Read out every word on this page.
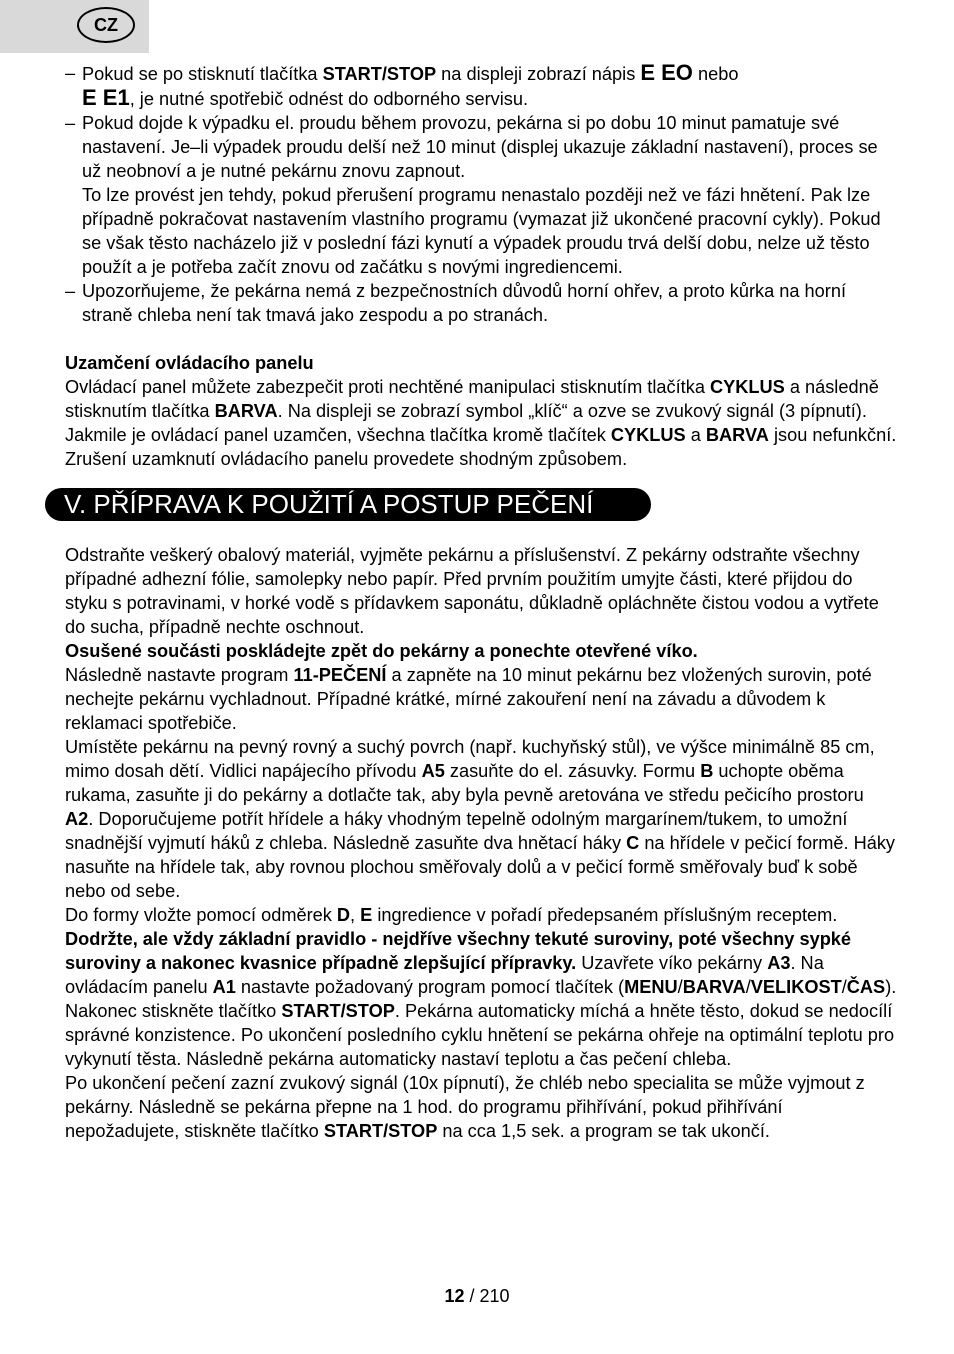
CZ
– Pokud se po stisknutí tlačítka START/STOP na displeji zobrazí nápis E EO nebo
E E1, je nutné spotřebič odnést do odborného servisu.
– Pokud dojde k výpadku el. proudu během provozu, pekárna si po dobu 10 minut pamatuje své nastavení. Je–li výpadek proudu delší než 10 minut (displej ukazuje základní nastavení), proces se už neobnoví a je nutné pekárnu znovu zapnout.
To lze provést jen tehdy, pokud přerušení programu nenastalo později než ve fázi hnětení. Pak lze případně pokračovat nastavením vlastního programu (vymazat již ukončené pracovní cykly). Pokud se však těsto nacházelo již v poslední fázi kynutí a výpadek proudu trvá delší dobu, nelze už těsto použít a je potřeba začít znovu od začátku s novými ingrediencemi.
– Upozorňujeme, že pekárna nemá z bezpečnostních důvodů horní ohřev, a proto kůrka na horní straně chleba není tak tmavá jako zespodu a po stranách.

Uzamčení ovládacího panelu

Ovládací panel můžete zabezpečit proti nechtěné manipulaci stisknutím tlačítka CYKLUS a následně stisknutím tlačítka BARVA. Na displeji se zobrazí symbol „klíč“ a ozve se zvukový signál (3 pípnutí). Jakmile je ovládací panel uzamčen, všechna tlačítka kromě tlačítek CYKLUS a BARVA jsou nefunkční. Zrušení uzamknutí ovládacího panelu provedete shodným způsobem.

V. PŘÍPRAVA K POUŽITÍ A POSTUP PEČENÍ

Odstraňte veškerý obalový materiál, vyjměte pekárnu a příslušenství. Z pekárny odstraňte všechny případné adhezní fólie, samolepky nebo papír. Před prvním použitím umyjte části, které přijdou do styku s potravinami, v horké vodě s přídavkem saponátu, důkladně opláchněte čistou vodou a vytřete do sucha, případně nechte oschnout.
Osušené součásti poskládejte zpět do pekárny a ponechte otevřené víko.
Následně nastavte program 11-PEČENÍ a zapněte na 10 minut pekárnu bez vložených surovin, poté nechejte pekárnu vychladnout. Případné krátké, mírné zakouření není na závadu a důvodem k reklamaci spotřebiče.
Umístěte pekárnu na pevný rovný a suchý povrch (např. kuchyňský stůl), ve výšce minimálně 85 cm, mimo dosah dětí. Vidlici napájecího přívodu A5 zasuňte do el. zásuvky. Formu B uchopte oběma rukama, zasuňte ji do pekárny a dotlačte tak, aby byla pevně aretována ve středu pečicího prostoru A2. Doporučujeme potřít hřídele a háky vhodným tepelně odolným margarínem/tukem, to umožní snadnější vyjmutí háků z chleba. Následně zasuňte dva hnětací háky C na hřídele v pečicí formě. Háky nasuňte na hřídele tak, aby rovnou plochou směřovaly dolů a v pečicí formě směřovaly buď k sobě nebo od sebe.
Do formy vložte pomocí odměrek D, E ingredience v pořadí předepsaném příslušným receptem.
Dodržte, ale vždy základní pravidlo - nejdříve všechny tekuté suroviny, poté všechny sypké suroviny a nakonec kvasnice případně zlepšující přípravky. Uzavřete víko pekárny A3. Na ovládacím panelu A1 nastavte požadovaný program pomocí tlačítek (MENU/BARVA/VELIKOST/ČAS). Nakonec stiskněte tlačítko START/STOP. Pekárna automaticky míchá a hněte těsto, dokud se nedocílí správné konzistence. Po ukončení posledního cyklu hnětení se pekárna ohřeje na optimální teplotu pro vykynutí těsta. Následně pekárna automaticky nastaví teplotu a čas pečení chleba.
Po ukončení pečení zazní zvukový signál (10x pípnutí), že chléb nebo specialita se může vyjmout z pekárny. Následně se pekárna přepne na 1 hod. do programu přihřívání, pokud přihřívání nepožadujete, stiskněte tlačítko START/STOP na cca 1,5 sek. a program se tak ukončí.

12 / 210
